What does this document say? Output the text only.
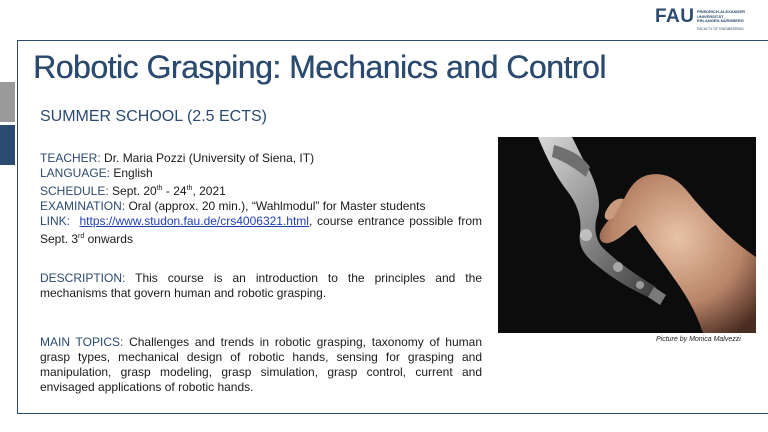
FAU FRIEDRICH-ALEXANDER
UNIVERSITÄT
ERLANGEN-NÜRNBERG
FACULTY OF ENGINEERING
Robotic Grasping: Mechanics and Control
SUMMER SCHOOL (2.5 ECTS)
TEACHER: Dr. Maria Pozzi (University of Siena, IT)
LANGUAGE: English
SCHEDULE: Sept. 20th - 24th, 2021
EXAMINATION: Oral (approx. 20 min.), “Wahlmodul” for Master students
LINK: https://www.studon.fau.de/crs4006321.html, course entrance possible from Sept. 3rd onwards
DESCRIPTION: This course is an introduction to the principles and the mechanisms that govern human and robotic grasping.
MAIN TOPICS: Challenges and trends in robotic grasping, taxonomy of human grasp types, mechanical design of robotic hands, sensing for grasping and manipulation, grasp modeling, grasp simulation, grasp control, current and envisaged applications of robotic hands.
Picture by Monica Malvezzi
